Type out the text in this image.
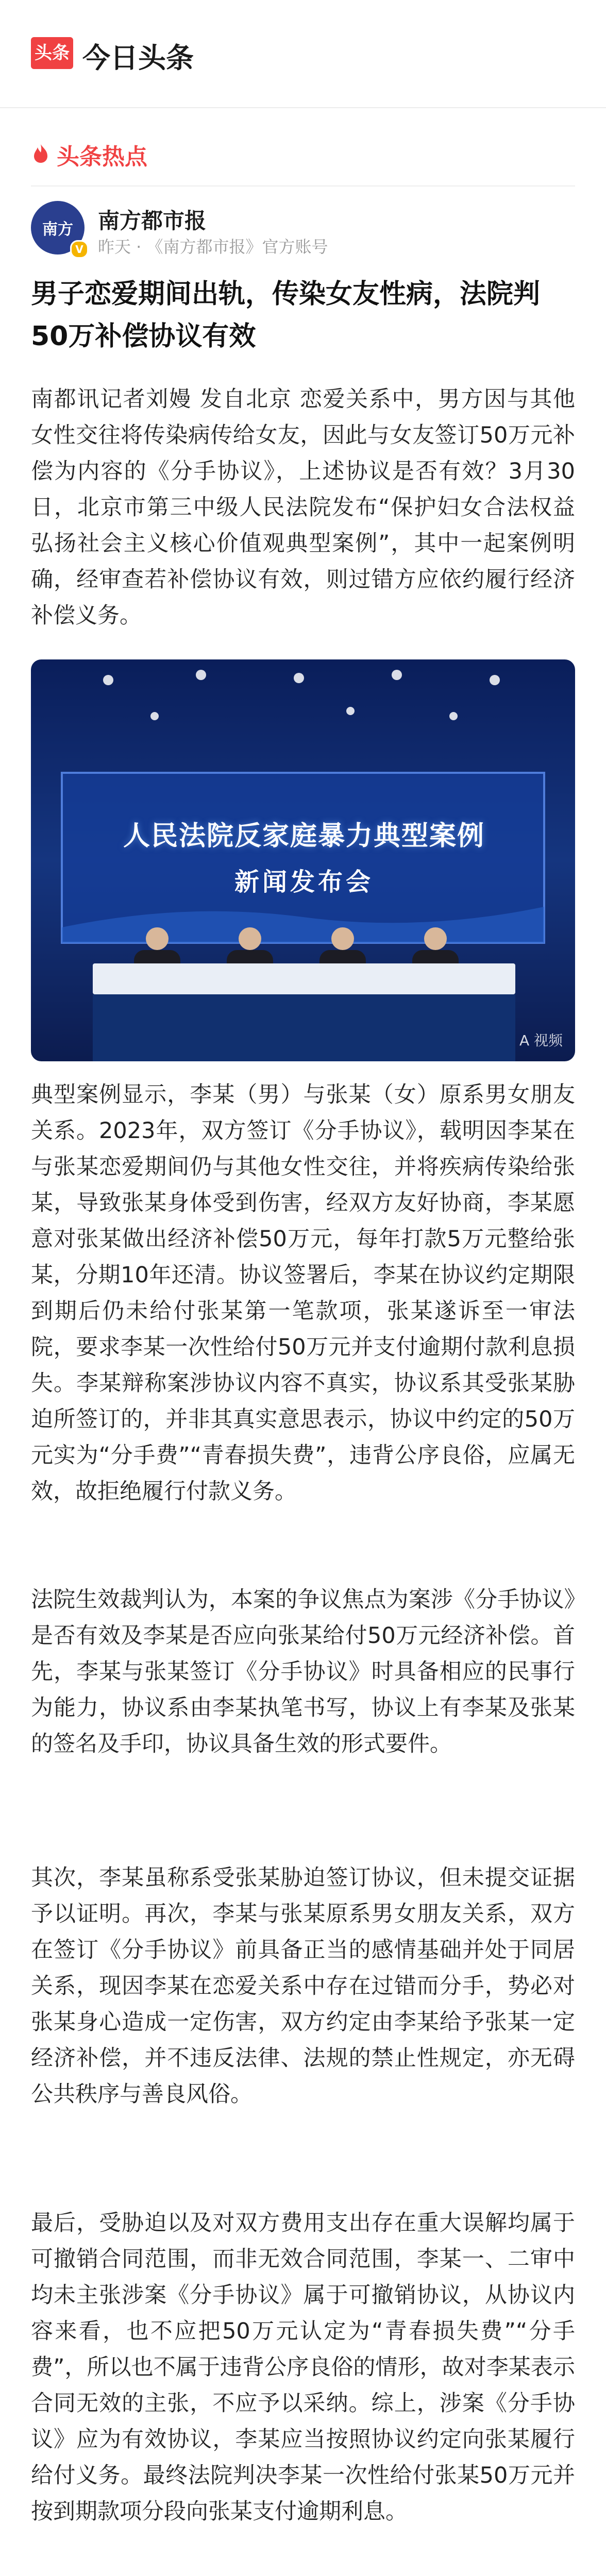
头条 今日头条
头条热点
南方
V
南方都市报
昨天 · 《南方都市报》官方账号
男子恋爱期间出轨，传染女友性病，法院判50万补偿协议有效

南都讯记者刘嫚 发自北京 恋爱关系中，男方因与其他女性交往将传染病传给女友，因此与女友签订50万元补偿为内容的《分手协议》，上述协议是否有效？3月30日，北京市第三中级人民法院发布“保护妇女合法权益 弘扬社会主义核心价值观典型案例”，其中一起案例明确，经审查若补偿协议有效，则过错方应依约履行经济补偿义务。

人民法院反家庭暴力典型案例
新闻发布会
A 视频

典型案例显示，李某（男）与张某（女）原系男女朋友关系。2023年，双方签订《分手协议》，载明因李某在与张某恋爱期间仍与其他女性交往，并将疾病传染给张某，导致张某身体受到伤害，经双方友好协商，李某愿意对张某做出经济补偿50万元，每年打款5万元整给张某，分期10年还清。协议签署后，李某在协议约定期限到期后仍未给付张某第一笔款项，张某遂诉至一审法院，要求李某一次性给付50万元并支付逾期付款利息损失。李某辩称案涉协议内容不真实，协议系其受张某胁迫所签订的，并非其真实意思表示，协议中约定的50万元实为“分手费”“青春损失费”，违背公序良俗，应属无效，故拒绝履行付款义务。

法院生效裁判认为，本案的争议焦点为案涉《分手协议》是否有效及李某是否应向张某给付50万元经济补偿。首先，李某与张某签订《分手协议》时具备相应的民事行为能力，协议系由李某执笔书写，协议上有李某及张某的签名及手印，协议具备生效的形式要件。

其次，李某虽称系受张某胁迫签订协议，但未提交证据予以证明。再次，李某与张某原系男女朋友关系，双方在签订《分手协议》前具备正当的感情基础并处于同居关系，现因李某在恋爱关系中存在过错而分手，势必对张某身心造成一定伤害，双方约定由李某给予张某一定经济补偿，并不违反法律、法规的禁止性规定，亦无碍公共秩序与善良风俗。

最后，受胁迫以及对双方费用支出存在重大误解均属于可撤销合同范围，而非无效合同范围，李某一、二审中均未主张涉案《分手协议》属于可撤销协议，从协议内容来看，也不应把50万元认定为“青春损失费”“分手费”，所以也不属于违背公序良俗的情形，故对李某表示合同无效的主张，不应予以采纳。综上，涉案《分手协议》应为有效协议，李某应当按照协议约定向张某履行给付义务。最终法院判决李某一次性给付张某50万元并按到期款项分段向张某支付逾期利息。
